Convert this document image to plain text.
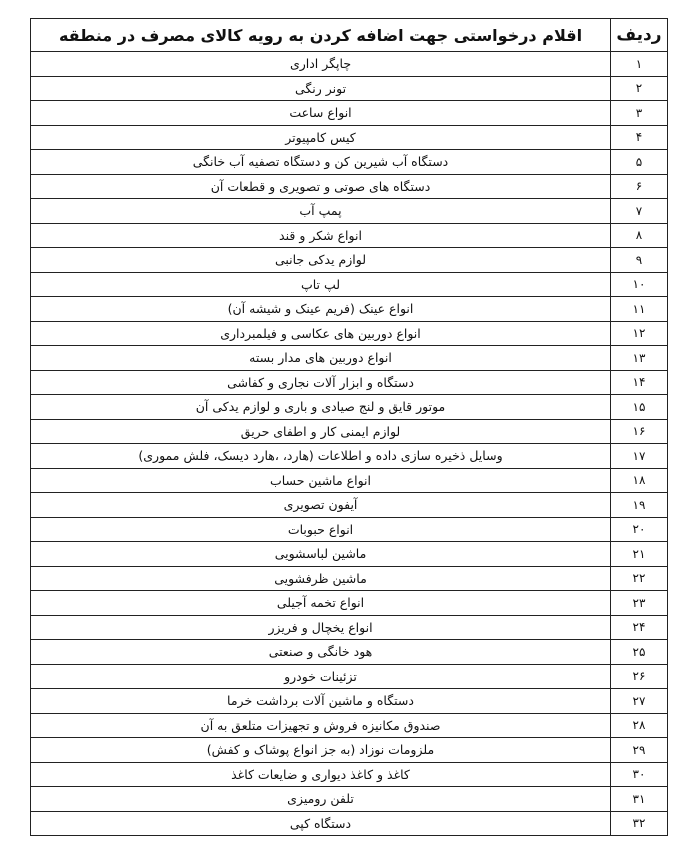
ردیف	اقلام درخواستی جهت اضافه کردن به رویه کالای مصرف در منطقه
۱	چاپگر اداری
۲	تونر رنگی
۳	انواع ساعت
۴	کیس کامپیوتر
۵	دستگاه آب شیرین کن و دستگاه تصفیه آب خانگی
۶	دستگاه های صوتی و تصویری و قطعات آن
۷	پمپ آب
۸	انواع شکر و قند
۹	لوازم یدکی جانبی
۱۰	لپ تاپ
۱۱	انواع عینک (فریم عینک و شیشه آن)
۱۲	انواع دوربین های عکاسی و فیلمبرداری
۱۳	انواع دوربین های مدار بسته
۱۴	دستگاه و ابزار آلات نجاری و کفاشی
۱۵	موتور قایق و لنج صیادی و باری و لوازم یدکی آن
۱۶	لوازم ایمنی کار و اطفای حریق
۱۷	وسایل ذخیره سازی داده و اطلاعات (هارد، ،هارد دیسک، فلش مموری)
۱۸	انواع ماشین حساب
۱۹	آیفون تصویری
۲۰	انواع حبوبات
۲۱	ماشین لباسشویی
۲۲	ماشین ظرفشویی
۲۳	انواع تخمه آجیلی
۲۴	انواع یخچال و فریزر
۲۵	هود خانگی و صنعتی
۲۶	تزئینات خودرو
۲۷	دستگاه و ماشین آلات برداشت خرما
۲۸	صندوق مکانیزه فروش و تجهیزات متلعق به آن
۲۹	ملزومات نوزاد (به جز انواع پوشاک و کفش)
۳۰	کاغذ و کاغذ دیواری و ضایعات کاغذ
۳۱	تلفن رومیزی
۳۲	دستگاه کپی
